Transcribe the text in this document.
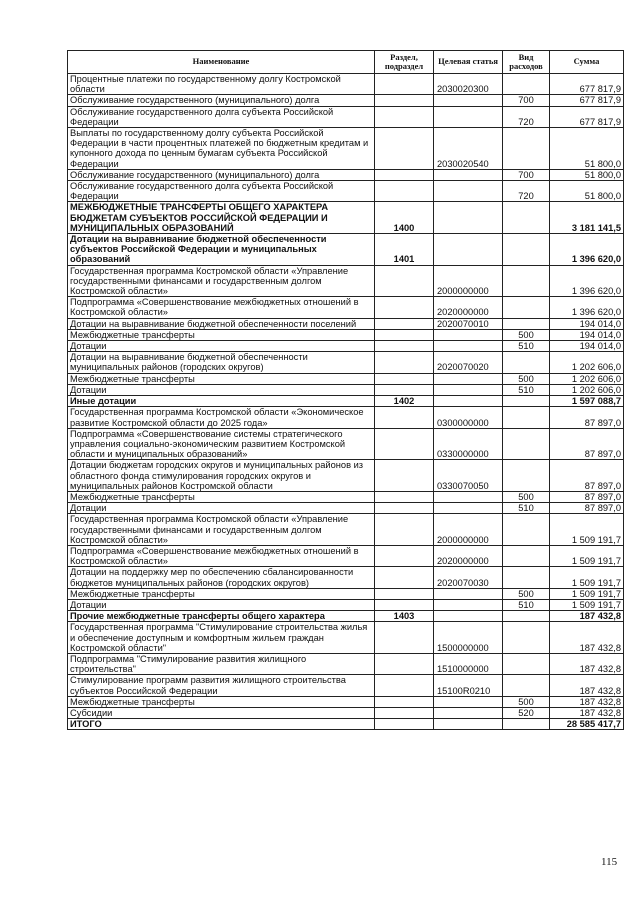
Наименование	Раздел, подраздел	Целевая статья	Вид расходов	Сумма
Процентные платежи по государственному долгу Костромской области		2030020300		677 817,9
Обслуживание государственного (муниципального) долга			700	677 817,9
Обслуживание государственного долга субъекта Российской Федерации			720	677 817,9
Выплаты по государственному долгу субъекта Российской Федерации в части процентных платежей по бюджетным кредитам и купонного дохода по ценным бумагам субъекта Российской Федерации		2030020540		51 800,0
Обслуживание государственного (муниципального) долга			700	51 800,0
Обслуживание государственного долга субъекта Российской Федерации			720	51 800,0
МЕЖБЮДЖЕТНЫЕ ТРАНСФЕРТЫ ОБЩЕГО ХАРАКТЕРА БЮДЖЕТАМ СУБЪЕКТОВ РОССИЙСКОЙ ФЕДЕРАЦИИ И МУНИЦИПАЛЬНЫХ ОБРАЗОВАНИЙ	1400			3 181 141,5
Дотации на выравнивание бюджетной обеспеченности субъектов Российской Федерации и муниципальных образований	1401			1 396 620,0
Государственная программа Костромской области «Управление государственными финансами и государственным долгом Костромской области»		2000000000		1 396 620,0
Подпрограмма «Совершенствование межбюджетных отношений в Костромской области»		2020000000		1 396 620,0
Дотации на выравнивание бюджетной обеспеченности поселений		2020070010		194 014,0
Межбюджетные трансферты			500	194 014,0
Дотации			510	194 014,0
Дотации на выравнивание бюджетной обеспеченности муниципальных районов (городских округов)		2020070020		1 202 606,0
Межбюджетные трансферты			500	1 202 606,0
Дотации			510	1 202 606,0
Иные дотации	1402			1 597 088,7
Государственная программа Костромской области «Экономическое развитие Костромской области до 2025 года»		0300000000		87 897,0
Подпрограмма «Совершенствование системы стратегического управления социально-экономическим развитием Костромской области и муниципальных образований»		0330000000		87 897,0
Дотации бюджетам городских округов и муниципальных районов из областного фонда стимулирования городских округов и муниципальных районов Костромской области		0330070050		87 897,0
Межбюджетные трансферты			500	87 897,0
Дотации			510	87 897,0
Государственная программа Костромской области «Управление государственными финансами и государственным долгом Костромской области»		2000000000		1 509 191,7
Подпрограмма «Совершенствование межбюджетных отношений в Костромской области»		2020000000		1 509 191,7
Дотации на поддержку мер по обеспечению сбалансированности бюджетов муниципальных районов (городских округов)		2020070030		1 509 191,7
Межбюджетные трансферты			500	1 509 191,7
Дотации			510	1 509 191,7
Прочие межбюджетные трансферты общего характера	1403			187 432,8
Государственная программа "Стимулирование строительства жилья и обеспечение доступным и комфортным жильем граждан Костромской области"		1500000000		187 432,8
Подпрограмма "Стимулирование развития жилищного строительства"		1510000000		187 432,8
Стимулирование программ развития жилищного строительства субъектов Российской Федерации		15100R0210		187 432,8
Межбюджетные трансферты			500	187 432,8
Субсидии			520	187 432,8
ИТОГО				28 585 417,7
115
